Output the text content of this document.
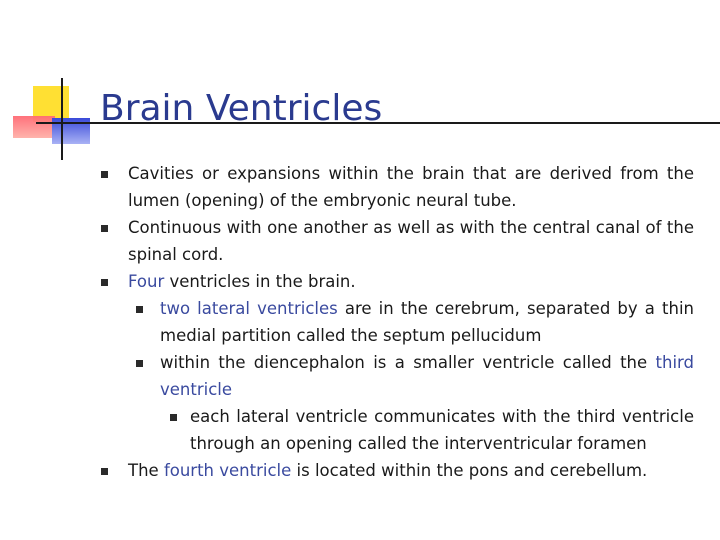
Brain Ventricles

Cavities or expansions within the brain that are derived from the lumen (opening) of the embryonic neural tube.

Continuous with one another as well as with the central canal of the spinal cord.

Four ventricles in the brain.

two lateral ventricles are in the cerebrum, separated by a thin medial partition called the septum pellucidum

within the diencephalon is a smaller ventricle called the third ventricle

each lateral ventricle communicates with the third ventricle through an opening called the interventricular foramen

The fourth ventricle is located within the pons and cerebellum.
